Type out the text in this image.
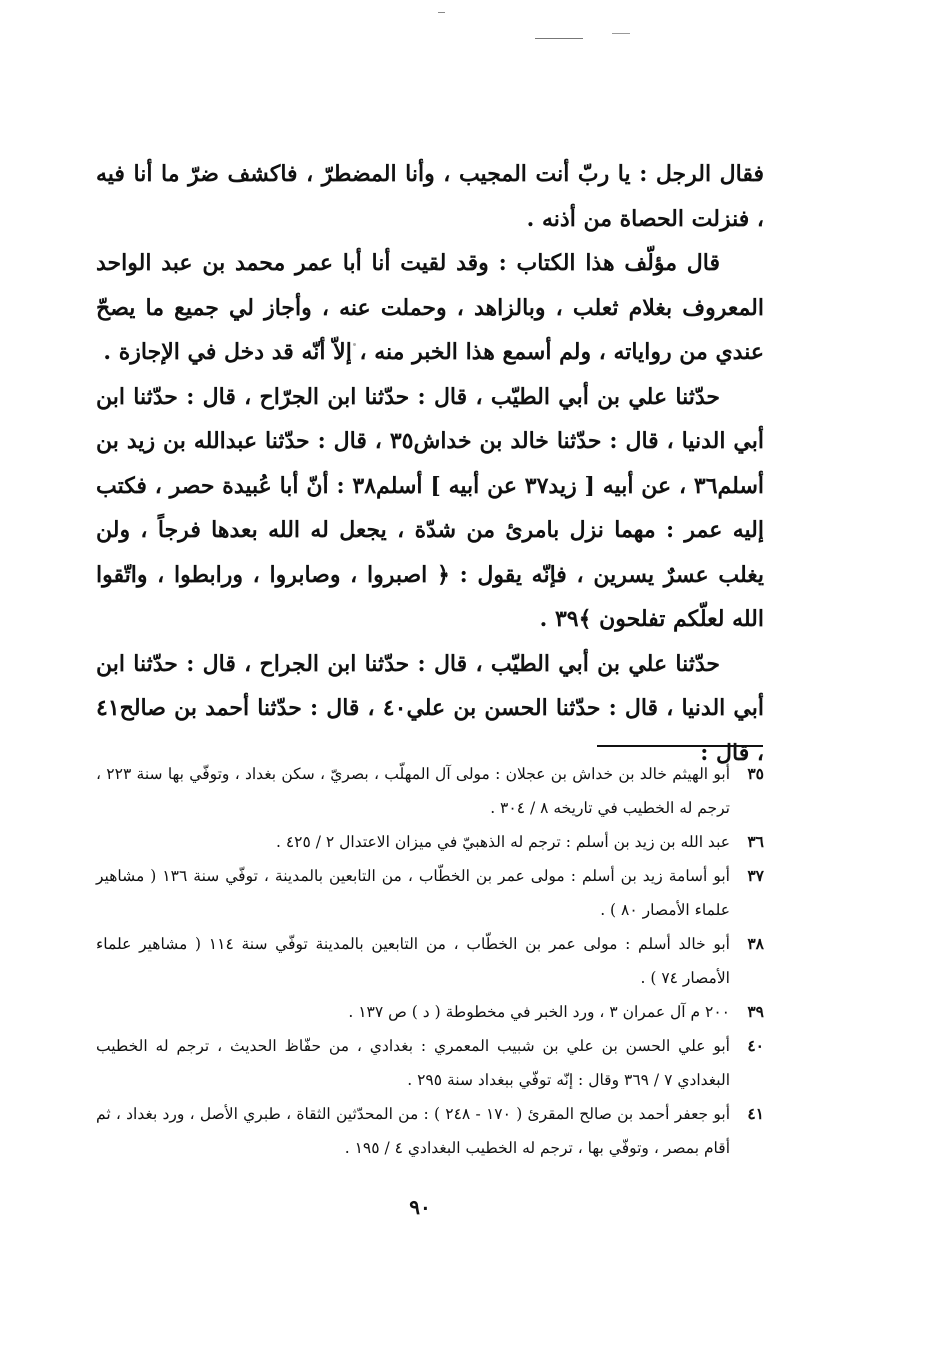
فقال الرجل : يا ربّ أنت المجيب ، وأنا المضطرّ ، فاكشف ضرّ ما أنا فيه ، فنزلت الحصاة من أذنه .

قال مؤلّف هذا الكتاب : وقد لقيت أنا أبا عمر محمد بن عبد الواحد المعروف بغلام ثعلب ، وبالزاهد ، وحملت عنه ، وأجاز لي جميع ما يصحّ عندي من رواياته ، ولم أسمع هذا الخبر منه ، إلاّ أنّه قد دخل في الإجازة .

حدّثنا علي بن أبي الطيّب ، قال : حدّثنا ابن الجرّاح ، قال : حدّثنا ابن أبي الدنيا ، قال : حدّثنا خالد بن خداش٣٥ ، قال : حدّثنا عبدالله بن زيد بن أسلم٣٦ ، عن أبيه [ زيد٣٧ عن أبيه ] أسلم٣٨ : أنّ أبا عُبيدة حصر ، فكتب إليه عمر : مهما نزل بامرئ من شدّة ، يجعل له الله بعدها فرجاً ، ولن يغلب عسرٌ يسرين ، فإنّه يقول : ﴿ اصبروا ، وصابروا ، ورابطوا ، واتّقوا الله لعلّكم تفلحون ﴾٣٩ .

حدّثنا علي بن أبي الطيّب ، قال : حدّثنا ابن الجراح ، قال : حدّثنا ابن أبي الدنيا ، قال : حدّثنا الحسن بن علي٤٠ ، قال : حدّثنا أحمد بن صالح٤١ ، قال :

٣٥
أبو الهيثم خالد بن خداش بن عجلان : مولى آل المهلّب ، بصريّ ، سكن بغداد ، وتوفّي بها سنة ٢٢٣ ، ترجم له الخطيب في تاريخه ٨ / ٣٠٤ .
٣٦
عبد الله بن زيد بن أسلم : ترجم له الذهبيّ في ميزان الاعتدال ٢ / ٤٢٥ .
٣٧
أبو أسامة زيد بن أسلم : مولى عمر بن الخطّاب ، من التابعين بالمدينة ، توفّي سنة ١٣٦ ( مشاهير علماء الأمصار ٨٠ ) .
٣٨
أبو خالد أسلم : مولى عمر بن الخطّاب ، من التابعين بالمدينة توفّي سنة ١١٤ ( مشاهير علماء الأمصار ٧٤ ) .
٣٩
٢٠٠ م آل عمران ٣ ، ورد الخبر في مخطوطة ( د ) ص ١٣٧ .
٤٠
أبو علي الحسن بن علي بن شبيب المعمري : بغدادي ، من حفّاظ الحديث ، ترجم له الخطيب البغدادي ٧ / ٣٦٩ وقال : إنّه توفّي ببغداد سنة ٢٩٥ .
٤١
أبو جعفر أحمد بن صالح المقرئ ( ١٧٠ - ٢٤٨ ) : من المحدّثين الثقاة ، طبري الأصل ، ورد بغداد ، ثم أقام بمصر ، وتوفّي بها ، ترجم له الخطيب البغدادي ٤ / ١٩٥ .
٩٠
